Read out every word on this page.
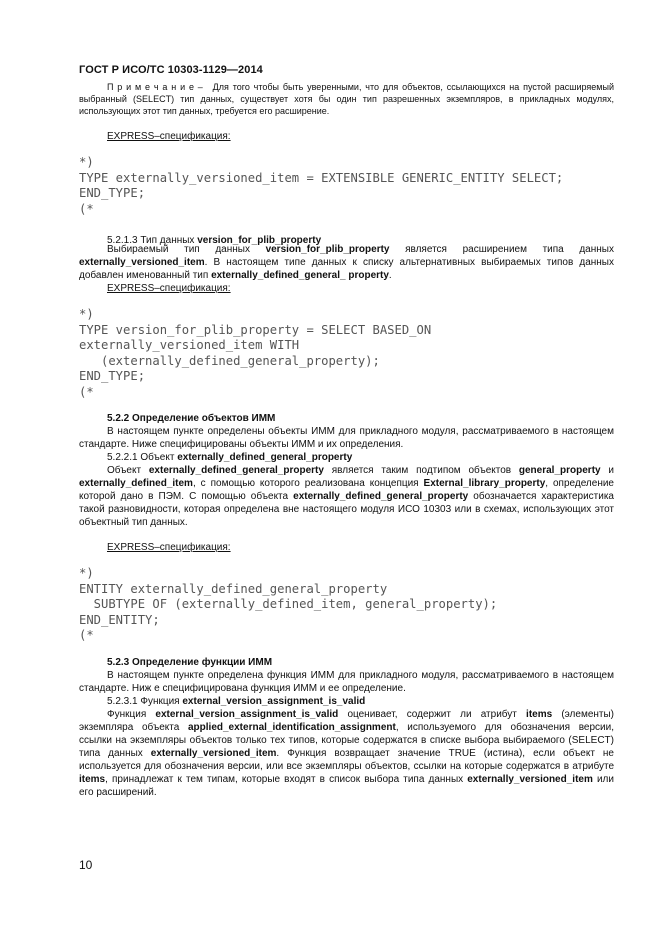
ГОСТ Р ИСО/ТС 10303-1129—2014
П р и м е ч а н и е – Для того чтобы быть уверенными, что для объектов, ссылающихся на пустой расширяемый выбранный (SELECT) тип данных, существует хотя бы один тип разрешенных экземпляров, в прикладных модулях, использующих этот тип данных, требуется его расширение.
EXPRESS–спецификация:
*)
TYPE externally_versioned_item = EXTENSIBLE GENERIC_ENTITY SELECT;
END_TYPE;
(*
5.2.1.3 Тип данных version_for_plib_property
Выбираемый тип данных version_for_plib_property является расширением типа данных externally_versioned_item. В настоящем типе данных к списку альтернативных выбираемых типов данных добавлен именованный тип externally_defined_general_ property.
EXPRESS–спецификация:
*)
TYPE version_for_plib_property = SELECT BASED_ON
externally_versioned_item WITH
(externally_defined_general_property);
END_TYPE;
(*
5.2.2 Определение объектов ИММ
В настоящем пункте определены объекты ИММ для прикладного модуля, рассматриваемого в настоящем стандарте. Ниже специфицированы объекты ИММ и их определения.
5.2.2.1 Объект externally_defined_general_property
Объект externally_defined_general_property является таким подтипом объектов general_property и externally_defined_item, с помощью которого реализована концепция External_library_property, определение которой дано в ПЭМ. С помощью объекта externally_defined_general_property обозначается характеристика такой разновидности, которая определена вне настоящего модуля ИСО 10303 или в схемах, использующих этот объектный тип данных.
EXPRESS–спецификация:
*)
ENTITY externally_defined_general_property
SUBTYPE OF (externally_defined_item, general_property);
END_ENTITY;
(*
5.2.3 Определение функции ИММ
В настоящем пункте определена функция ИММ для прикладного модуля, рассматриваемого в настоящем стандарте. Ниж е специфицирована функция ИММ и ее определение.
5.2.3.1 Функция external_version_assignment_is_valid
Функция external_version_assignment_is_valid оценивает, содержит ли атрибут items (элементы) экземпляра объекта applied_external_identification_assignment, используемого для обозначения версии, ссылки на экземпляры объектов только тех типов, которые содержатся в списке выбора выбираемого (SELECT) типа данных externally_versioned_item. Функция возвращает значение TRUE (истина), если объект не используется для обозначения версии, или все экземпляры объектов, ссылки на которые содержатся в атрибуте items, принадлежат к тем типам, которые входят в список выбора типа данных externally_versioned_item или его расширений.
10
